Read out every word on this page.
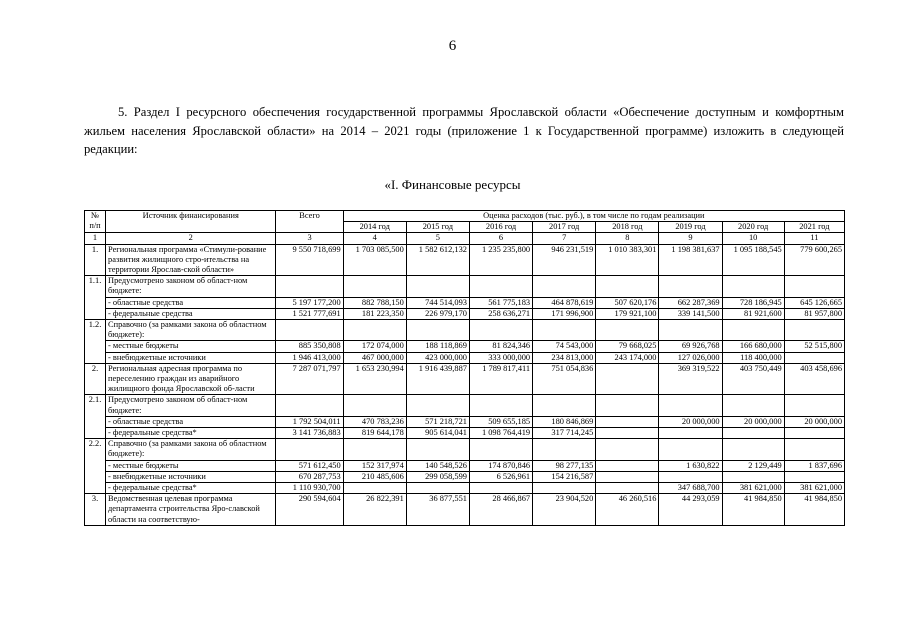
6
5. Раздел I ресурсного обеспечения государственной программы Ярославской области «Обеспечение доступным и комфортным жильем населения Ярославской области» на 2014 – 2021 годы (приложение 1 к Государственной программе) изложить в следующей редакции:
«I. Финансовые ресурсы
№ п/п	Источник финансирования	Всего	Оценка расходов (тыс. руб.), в том числе по годам реализации							
			2014 год	2015 год	2016 год	2017 год	2018 год	2019 год	2020 год	2021 год
1	2	3	4	5	6	7	8	9	10	11
1.	Региональная программа «Стимули-рование развития жилищного стро-ительства на территории Ярослав-ской области»	9 550 718,699	1 703 085,500	1 582 612,132	1 235 235,800	946 231,519	1 010 383,301	1 198 381,637	1 095 188,545	779 600,265
1.1.	Предусмотрено законом об област-ном бюджете:									
	- областные средства	5 197 177,200	882 788,150	744 514,093	561 775,183	464 878,619	507 620,176	662 287,369	728 186,945	645 126,665
	- федеральные средства	1 521 777,691	181 223,350	226 979,170	258 636,271	171 996,900	179 921,100	339 141,500	81 921,600	81 957,800
1.2.	Справочно (за рамками закона об областном бюджете):									
	- местные бюджеты	885 350,808	172 074,000	188 118,869	81 824,346	74 543,000	79 668,025	69 926,768	166 680,000	52 515,800
	- внебюджетные источники	1 946 413,000	467 000,000	423 000,000	333 000,000	234 813,000	243 174,000	127 026,000	118 400,000	
2.	Региональная адресная программа по переселению граждан из аварийного жилищного фонда Ярославской об-ласти	7 287 071,797	1 653 230,994	1 916 439,887	1 789 817,411	751 054,836		369 319,522	403 750,449	403 458,696
2.1.	Предусмотрено законом об област-ном бюджете:									
	- областные средства	1 792 504,011	470 783,236	571 218,721	509 655,185	180 846,869		20 000,000	20 000,000	20 000,000
	- федеральные средства*	3 141 736,883	819 644,178	905 614,041	1 098 764,419	317 714,245				
2.2.	Справочно (за рамками закона об областном бюджете):									
	- местные бюджеты	571 612,450	152 317,974	140 548,526	174 870,846	98 277,135		1 630,822	2 129,449	1 837,696
	- внебюджетные источники	670 287,753	210 485,606	299 058,599	6 526,961	154 216,587				
	- федеральные средства*	1 110 930,700						347 688,700	381 621,000	381 621,000
3.	Ведомственная целевая программа департамента строительства Яро-славской области на соответствую-	290 594,604	26 822,391	36 877,551	28 466,867	23 904,520	46 260,516	44 293,059	41 984,850	41 984,850
